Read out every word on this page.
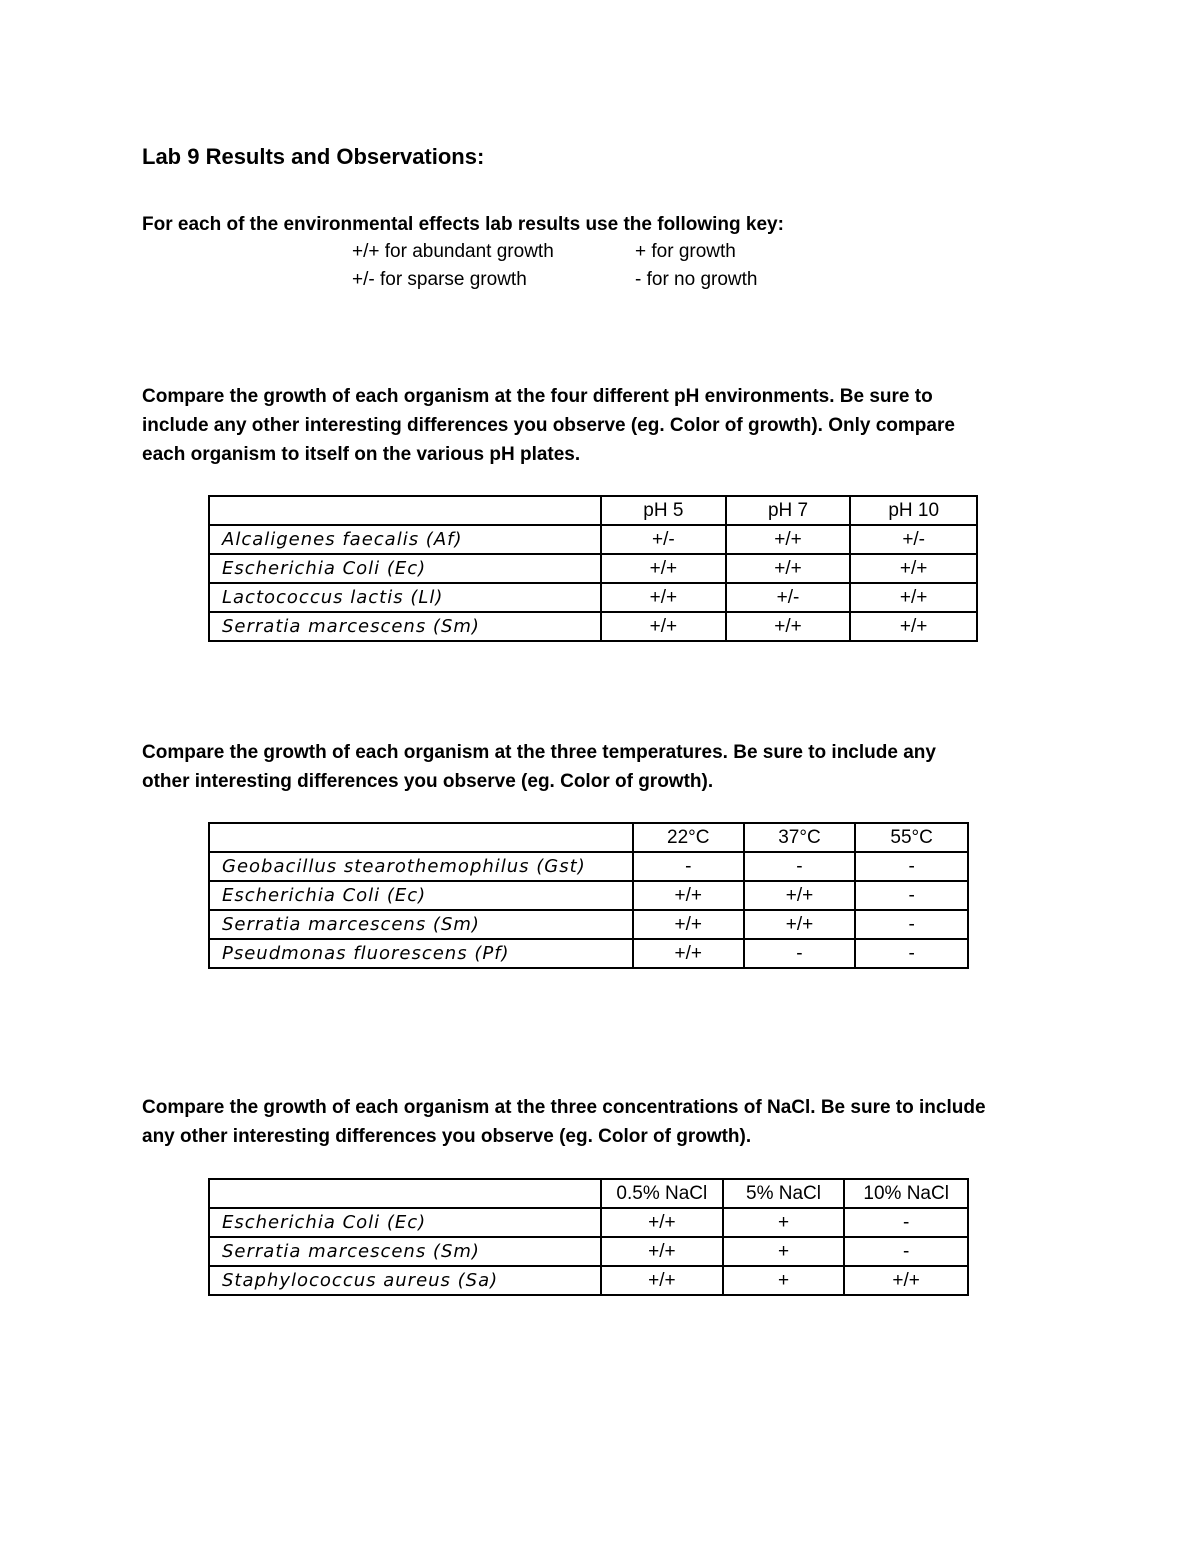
Lab 9 Results and Observations:
For each of the environmental effects lab results use the following key:
+/+ for abundant growth	+ for growth
+/- for sparse growth	- for no growth
Compare the growth of each organism at the four different pH environments. Be sure to
include any other interesting differences you observe (eg. Color of growth). Only compare
each organism to itself on the various pH plates.
	pH 5	pH 7	pH 10
Alcaligenes faecalis (Af)	+/-	+/+	+/-
Escherichia Coli (Ec)	+/+	+/+	+/+
Lactococcus lactis (Ll)	+/+	+/-	+/+
Serratia marcescens (Sm)	+/+	+/+	+/+
Compare the growth of each organism at the three temperatures. Be sure to include any
other interesting differences you observe (eg. Color of growth).
	22°C	37°C	55°C
Geobacillus stearothemophilus (Gst)	-	-	-
Escherichia Coli (Ec)	+/+	+/+	-
Serratia marcescens (Sm)	+/+	+/+	-
Pseudmonas fluorescens (Pf)	+/+	-	-
Compare the growth of each organism at the three concentrations of NaCl. Be sure to include
any other interesting differences you observe (eg. Color of growth).
	0.5% NaCl	5% NaCl	10% NaCl
Escherichia Coli (Ec)	+/+	+	-
Serratia marcescens (Sm)	+/+	+	-
Staphylococcus aureus (Sa)	+/+	+	+/+
